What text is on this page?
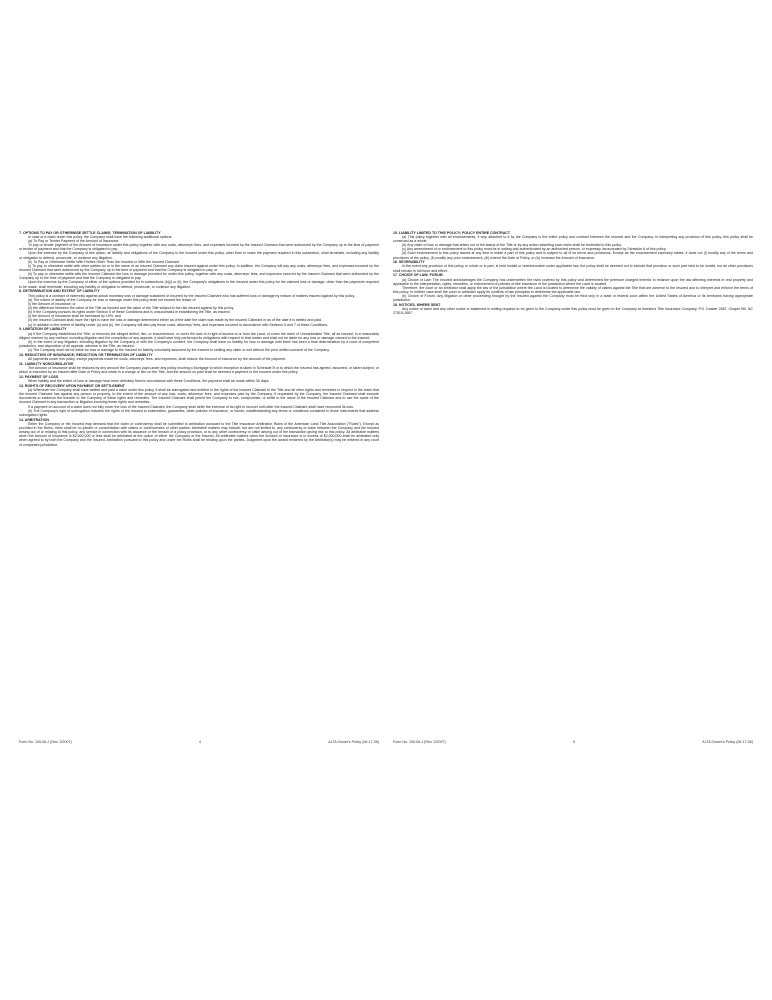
7. OPTIONS TO PAY OR OTHERWISE SETTLE CLAIMS; TERMINATION OF LIABILITY

In case of a claim under this policy, the Company shall have the following additional options:

(a) To Pay or Tender Payment of the Amount of Insurance.

To pay or tender payment of the Amount of Insurance under this policy together with any costs, attorneys' fees, and expenses incurred by the Insured Claimant that were authorized by the Company up to the time of payment or tender of payment and that the Company is obligated to pay.

Upon the exercise by the Company of this option, all liability and obligations of the Company to the Insured under this policy, other than to make the payment required in this subsection, shall terminate, including any liability or obligation to defend, prosecute, or continue any litigation.

(b) To Pay or Otherwise Settle With Parties Other Than the Insured or With the Insured Claimant.

(i) To pay or otherwise settle with other parties for or in the name of an Insured Claimant any claim insured against under this policy. In addition, the Company will pay any costs, attorneys' fees, and expenses incurred by the Insured Claimant that were authorized by the Company up to the time of payment and that the Company is obligated to pay; or

(ii) To pay or otherwise settle with the Insured Claimant the loss or damage provided for under this policy, together with any costs, attorneys' fees, and expenses incurred by the Insured Claimant that were authorized by the Company up to the time of payment and that the Company is obligated to pay.

Upon the exercise by the Company of either of the options provided for in subsections (b)(i) or (ii), the Company's obligations to the Insured under this policy for the claimed loss or damage, other than the payments required to be made, shall terminate, including any liability or obligation to defend, prosecute, or continue any litigation.

8. DETERMINATION AND EXTENT OF LIABILITY

This policy is a contract of indemnity against actual monetary loss or damage sustained or incurred by the Insured Claimant who has suffered loss or damage by reason of matters insured against by this policy.

(a) The extent of liability of the Company for loss or damage under this policy shall not exceed the lesser of

(i) the Amount of Insurance; or

(ii) the difference between the value of the Title as insured and the value of the Title subject to the risk insured against by this policy.

(b) If the Company pursues its rights under Section 5 of these Conditions and is unsuccessful in establishing the Title, as insured,

(i) the Amount of Insurance shall be increased by 10%, and

(ii) the Insured Claimant shall have the right to have the loss or damage determined either as of the date the claim was made by the Insured Claimant or as of the date it is settled and paid.

(c) In addition to the extent of liability under (a) and (b), the Company will also pay those costs, attorneys' fees, and expenses incurred in accordance with Sections 5 and 7 of these Conditions.

9. LIMITATION OF LIABILITY

(a) If the Company establishes the Title, or removes the alleged defect, lien, or encumbrance, or cures the lack of a right of access to or from the Land, or cures the claim of Unmarketable Title, all as insured, in a reasonably diligent manner by any method, including litigation and the completion of any appeals, it shall have fully performed its obligations with respect to that matter and shall not be liable for any loss or damage caused to the Insured.

(b) In the event of any litigation, including litigation by the Company or with the Company's consent, the Company shall have no liability for loss or damage until there has been a final determination by a court of competent jurisdiction, and disposition of all appeals, adverse to the Title, as insured.

(c) The Company shall not be liable for loss or damage to the Insured for liability voluntarily assumed by the Insured in settling any claim or suit without the prior written consent of the Company.

10. REDUCTION OF INSURANCE; REDUCTION OR TERMINATION OF LIABILITY

All payments under this policy, except payments made for costs, attorneys' fees, and expenses, shall reduce the Amount of Insurance by the amount of the payment.

11. LIABILITY NONCUMULATIVE

The Amount of Insurance shall be reduced by any amount the Company pays under any policy insuring a Mortgage to which exception is taken in Schedule B or to which the Insured has agreed, assumed, or taken subject, or which is executed by an Insured after Date of Policy and which is a charge or lien on the Title, and the amount so paid shall be deemed a payment to the Insured under this policy.

12. PAYMENT OF LOSS

When liability and the extent of loss or damage have been definitely fixed in accordance with these Conditions, the payment shall be made within 30 days.

13. RIGHTS OF RECOVERY UPON PAYMENT OR SETTLEMENT

(a) Whenever the Company shall have settled and paid a claim under this policy, it shall be subrogated and entitled to the rights of the Insured Claimant in the Title and all other rights and remedies in respect to the claim that the Insured Claimant has against any person or property, to the extent of the amount of any loss, costs, attorneys' fees, and expenses paid by the Company. If requested by the Company, the Insured Claimant shall execute documents to evidence the transfer to the Company of these rights and remedies. The Insured Claimant shall permit the Company to sue, compromise, or settle in the name of the Insured Claimant and to use the name of the Insured Claimant in any transaction or litigation involving these rights and remedies.

If a payment on account of a claim does not fully cover the loss of the Insured Claimant, the Company shall defer the exercise of its right to recover until after the Insured Claimant shall have recovered its loss.

(b) The Company's right of subrogation includes the rights of the Insured to indemnities, guaranties, other policies of insurance, or bonds, notwithstanding any terms or conditions contained in those instruments that address subrogation rights.

14. ARBITRATION

Either the Company or the Insured may demand that the claim or controversy shall be submitted to arbitration pursuant to the Title Insurance Arbitration Rules of the American Land Title Association ("Rules"). Except as provided in the Rules, there shall be no joinder or consolidation with claims or controversies of other parties. Arbitrable matters may include, but are not limited to, any controversy or claim between the Company and the Insured arising out of or relating to this policy, any service in connection with its issuance or the breach of a policy provision, or to any other controversy or claim arising out of the transaction giving rise to this policy. All arbitrable matters when the Amount of Insurance is $2,000,000 or less shall be arbitrated at the option of either the Company or the Insured. All arbitrable matters when the Amount of Insurance is in excess of $2,000,000 shall be arbitrated only when agreed to by both the Company and the Insured. Arbitration pursuant to this policy and under the Rules shall be binding upon the parties. Judgment upon the award rendered by the Arbitrator(s) may be entered in any court of competent jurisdiction.

Form No. 159-06-J (Rev. 3/2007)	4	ALTA Owner's Policy (06-17-06)
15. LIABILITY LIMITED TO THIS POLICY; POLICY ENTIRE CONTRACT

(a) This policy together with all endorsements, if any, attached to it by the Company is the entire policy and contract between the Insured and the Company. In interpreting any provision of this policy, this policy shall be construed as a whole.

(b) Any claim of loss or damage that arises out of the status of the Title or by any action asserting such claim shall be restricted to this policy.

(c) Any amendment of or endorsement to this policy must be in writing and authenticated by an authorized person, or expressly incorporated by Schedule A of this policy.

(d) Each endorsement to this policy issued at any time is made a part of this policy and is subject to all of its terms and provisions. Except as the endorsement expressly states, it does not (i) modify any of the terms and provisions of the policy, (ii) modify any prior endorsement, (iii) extend the Date of Policy, or (iv) increase the Amount of Insurance.

16. SEVERABILITY

In the event any provision of this policy, in whole or in part, is held invalid or unenforceable under applicable law, the policy shall be deemed not to include that provision or such part held to be invalid, but all other provisions shall remain in full force and effect.

17. CHOICE OF LAW; FORUM

(a) Choice of Law: The Insured acknowledges the Company has underwritten the risks covered by this policy and determined the premium charged therefor in reliance upon the law affecting interests in real property and applicable to the interpretation, rights, remedies, or enforcement of policies of title insurance of the jurisdiction where the Land is located.

Therefore, the court or an arbitrator shall apply the law of the jurisdiction where the Land is located to determine the validity of claims against the Title that are adverse to the Insured and to interpret and enforce the terms of this policy. In neither case shall the court or arbitrator apply its conflicts of law principles to determine the applicable law.

(b) Choice of Forum: Any litigation or other proceeding brought by the Insured against the Company must be filed only in a state or federal court within the United States of America or its territories having appropriate jurisdiction.

18. NOTICES, WHERE SENT

Any notice of claim and any other notice or statement in writing required to be given to the Company under this policy must be given to the Company at Investors Title Insurance Company, P.O. Drawer 2687, Chapel Hill, NC 27515-2687.

Form No. 159-06-J (Rev. 3/2007)	5	ALTA Owner's Policy (06-17-06)
